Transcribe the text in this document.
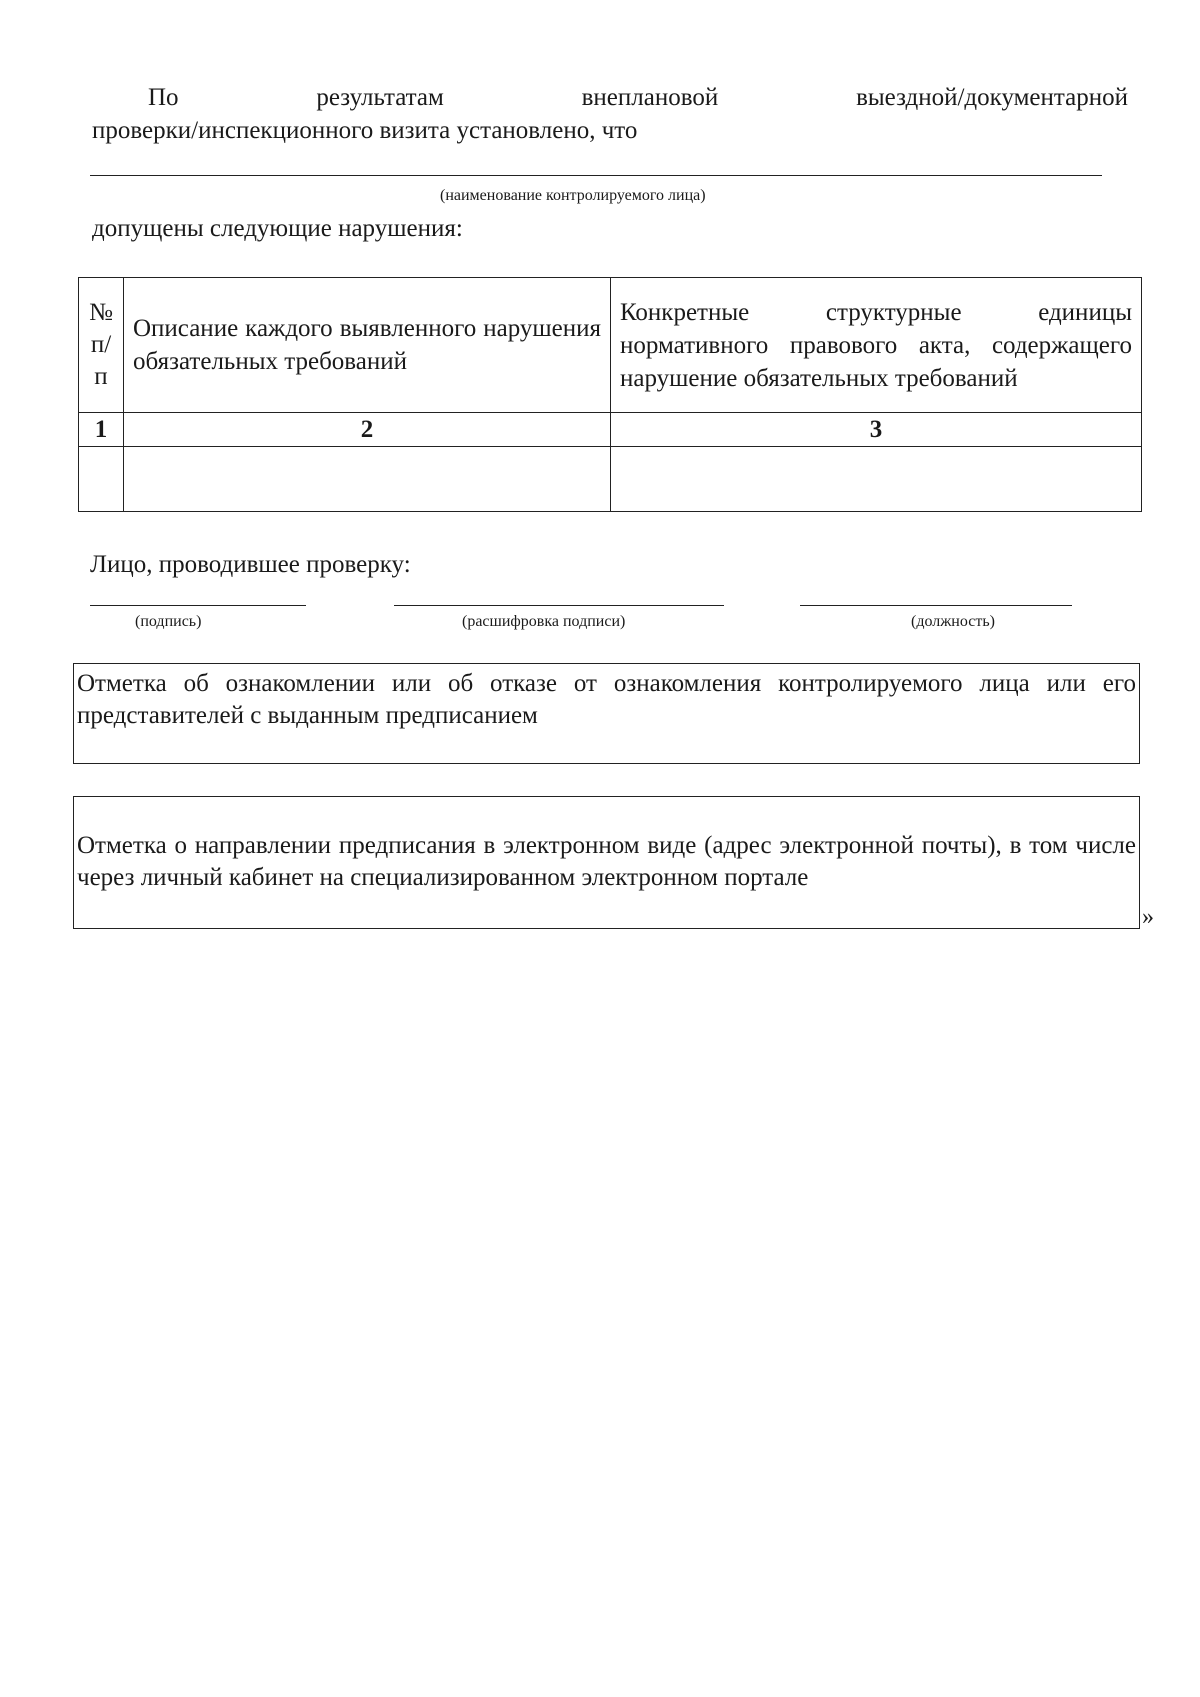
По	результатам	внеплановой	выездной/документарной
проверки/инспекционного визита установлено, что
(наименование контролируемого лица)
допущены следующие нарушения:
№ п/ п	Описание каждого выявленного нарушения обязательных требований	Конкретные структурные единицы нормативного правового акта, содержащего нарушение обязательных требований

1	2	3

Лицо, проводившее проверку:
(подпись)	(расшифровка подписи)	(должность)
Отметка об ознакомлении или об отказе от ознакомления контролируемого лица или его представителей с выданным предписанием
Отметка о направлении предписания в электронном виде (адрес электронной почты), в том числе через личный кабинет на специализированном электронном портале
»
